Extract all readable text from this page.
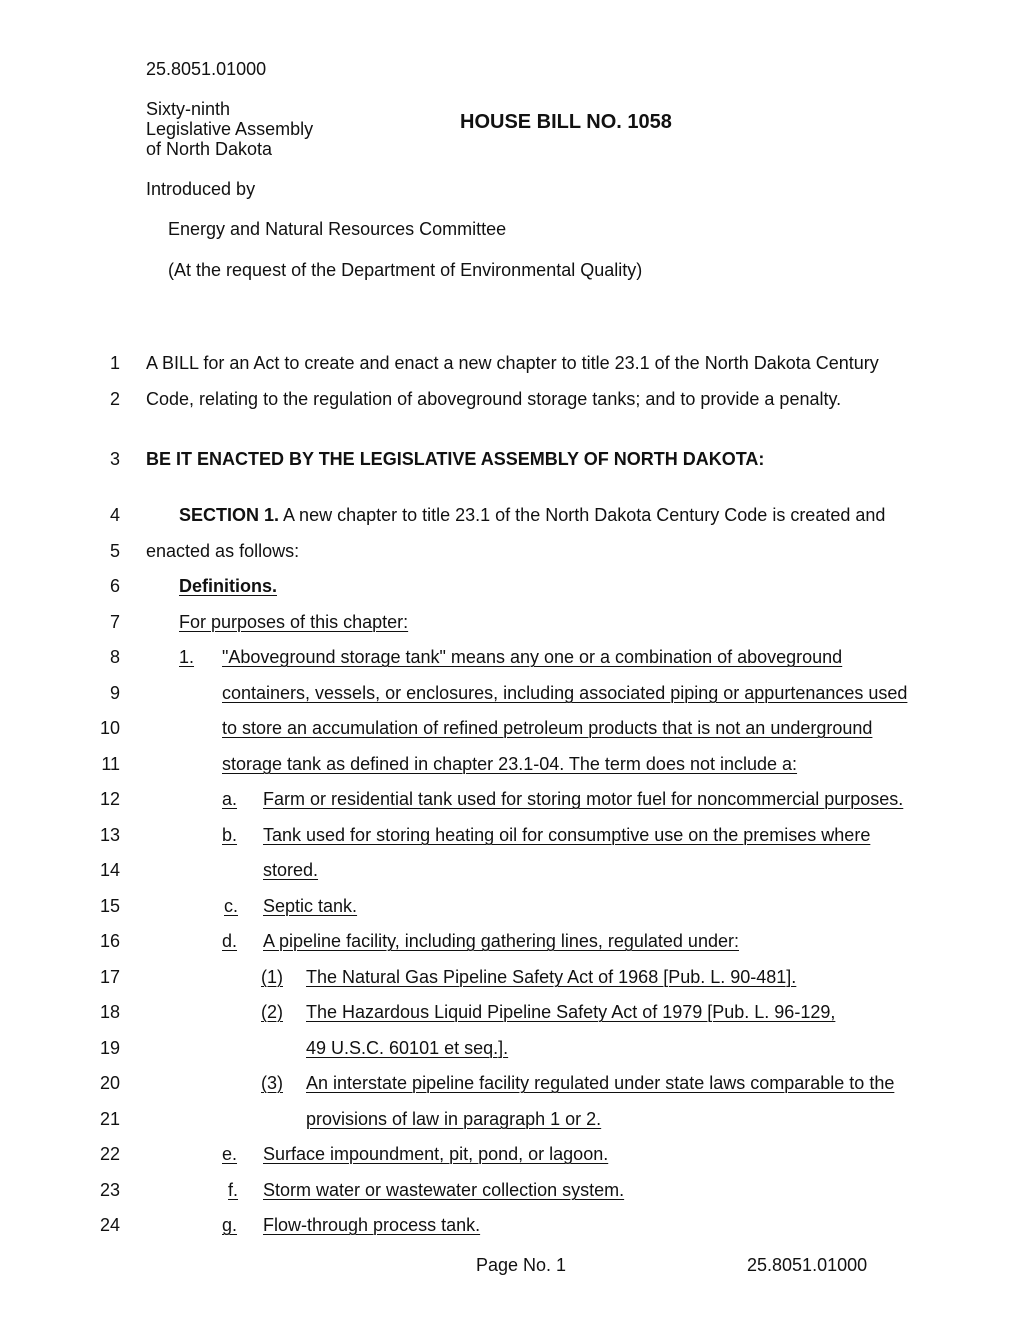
25.8051.01000
Sixty-ninth
Legislative Assembly
of North Dakota
HOUSE BILL NO. 1058
Introduced by
Energy and Natural Resources Committee
(At the request of the Department of Environmental Quality)
1
2
3
4
5
6
7
8
9
10
11
12
13
14
15
16
17
18
19
20
21
22
23
24
A BILL for an Act to create and enact a new chapter to title 23.1 of the North Dakota Century
Code, relating to the regulation of aboveground storage tanks; and to provide a penalty.
BE IT ENACTED BY THE LEGISLATIVE ASSEMBLY OF NORTH DAKOTA:
SECTION 1. A new chapter to title 23.1 of the North Dakota Century Code is created and
enacted as follows:
Definitions.
For purposes of this chapter:
1. "Aboveground storage tank" means any one or a combination of aboveground
containers, vessels, or enclosures, including associated piping or appurtenances used
to store an accumulation of refined petroleum products that is not an underground
storage tank as defined in chapter 23.1-04. The term does not include a:
a. Farm or residential tank used for storing motor fuel for noncommercial purposes.
b. Tank used for storing heating oil for consumptive use on the premises where
stored.
c. Septic tank.
d. A pipeline facility, including gathering lines, regulated under:
(1) The Natural Gas Pipeline Safety Act of 1968 [Pub. L. 90-481].
(2) The Hazardous Liquid Pipeline Safety Act of 1979 [Pub. L. 96-129,
49 U.S.C. 60101 et seq.].
(3) An interstate pipeline facility regulated under state laws comparable to the
provisions of law in paragraph 1 or 2.
e. Surface impoundment, pit, pond, or lagoon.
f. Storm water or wastewater collection system.
g. Flow-through process tank.
Page No. 1	25.8051.01000
